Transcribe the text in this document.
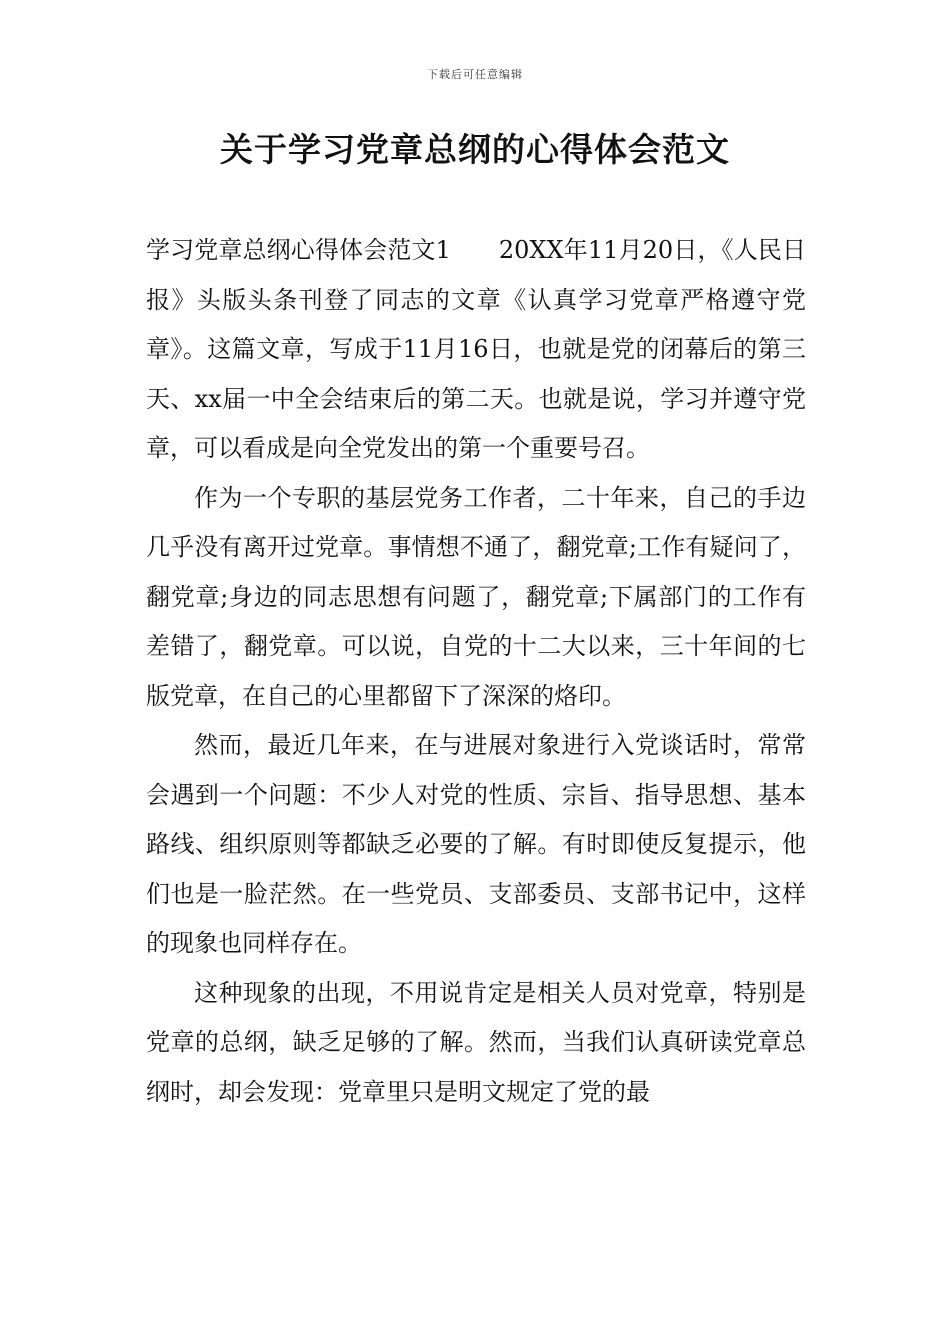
下载后可任意编辑
关于学习党章总纲的心得体会范文

学习党章总纲心得体会范文1 20XX年11月20日，《人民日报》头版头条刊登了同志的文章《认真学习党章严格遵守党章》。这篇文章，写成于11月16日，也就是党的闭幕后的第三天、xx届一中全会结束后的第二天。也就是说，学习并遵守党章，可以看成是向全党发出的第一个重要号召。

作为一个专职的基层党务工作者，二十年来，自己的手边几乎没有离开过党章。事情想不通了，翻党章;工作有疑问了，翻党章;身边的同志思想有问题了，翻党章;下属部门的工作有差错了，翻党章。可以说，自党的十二大以来，三十年间的七版党章，在自己的心里都留下了深深的烙印。

然而，最近几年来，在与进展对象进行入党谈话时，常常会遇到一个问题：不少人对党的性质、宗旨、指导思想、基本路线、组织原则等都缺乏必要的了解。有时即使反复提示，他们也是一脸茫然。在一些党员、支部委员、支部书记中，这样的现象也同样存在。

这种现象的出现，不用说肯定是相关人员对党章，特别是党章的总纲，缺乏足够的了解。然而，当我们认真研读党章总纲时，却会发现：党章里只是明文规定了党的最
